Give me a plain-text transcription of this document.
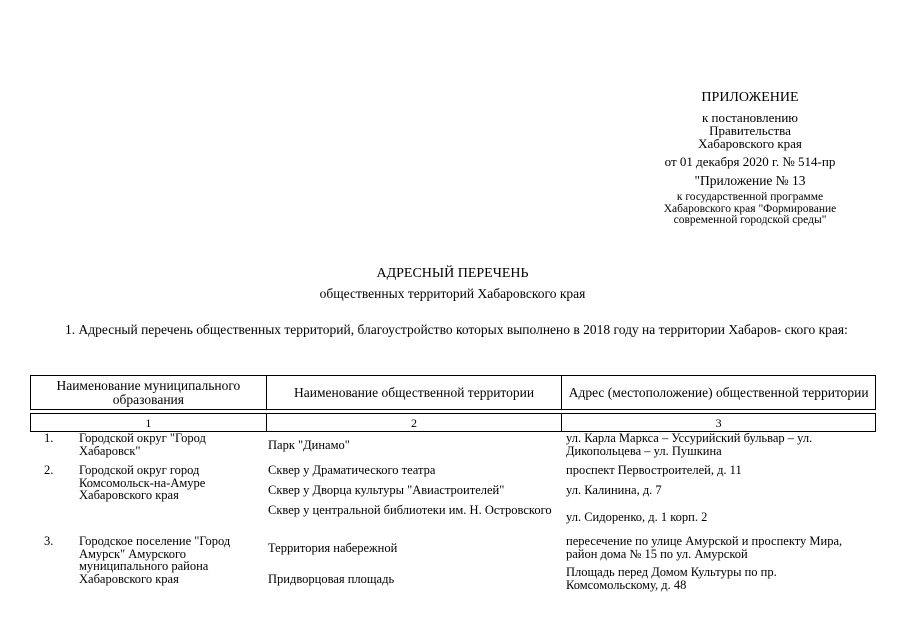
ПРИЛОЖЕНИЕ
к постановлению
Правительства
Хабаровского края
от 01 декабря 2020 г. № 514-пр
"Приложение № 13
к государственной программе
Хабаровского края "Формирование
современной городской среды"
АДРЕСНЫЙ ПЕРЕЧЕНЬ
общественных территорий Хабаровского края
1. Адресный перечень общественных территорий, благоустройство которых выполнено в 2018 году на территории Хабаров- ского края:
Наименование муниципального образования	Наименование общественной территории	Адрес (местоположение) общественной территории

1	2	3
1. Городской округ "Город Хабаровск"	Парк "Динамо"	ул. Карла Маркса – Уссурийский бульвар – ул. Дикопольцева – ул. Пушкина
2. Городской округ город Комсомольск-на-Амуре Хабаровского края
Сквер у Драматического театра	проспект Первостроителей, д. 11
Сквер у Дворца культуры "Авиастроителей"	ул. Калинина, д. 7
Сквер у центральной библиотеки им. Н. Островского	ул. Сидоренко, д. 1 корп. 2
3. Городское поселение "Город Амурск" Амурского муниципального района Хабаровского края
Территория набережной	пересечение по улице Амурской и проспекту Мира, район дома № 15 по ул. Амурской
Придворцовая площадь	Площадь перед Домом Культуры по пр. Комсомольскому, д. 48
